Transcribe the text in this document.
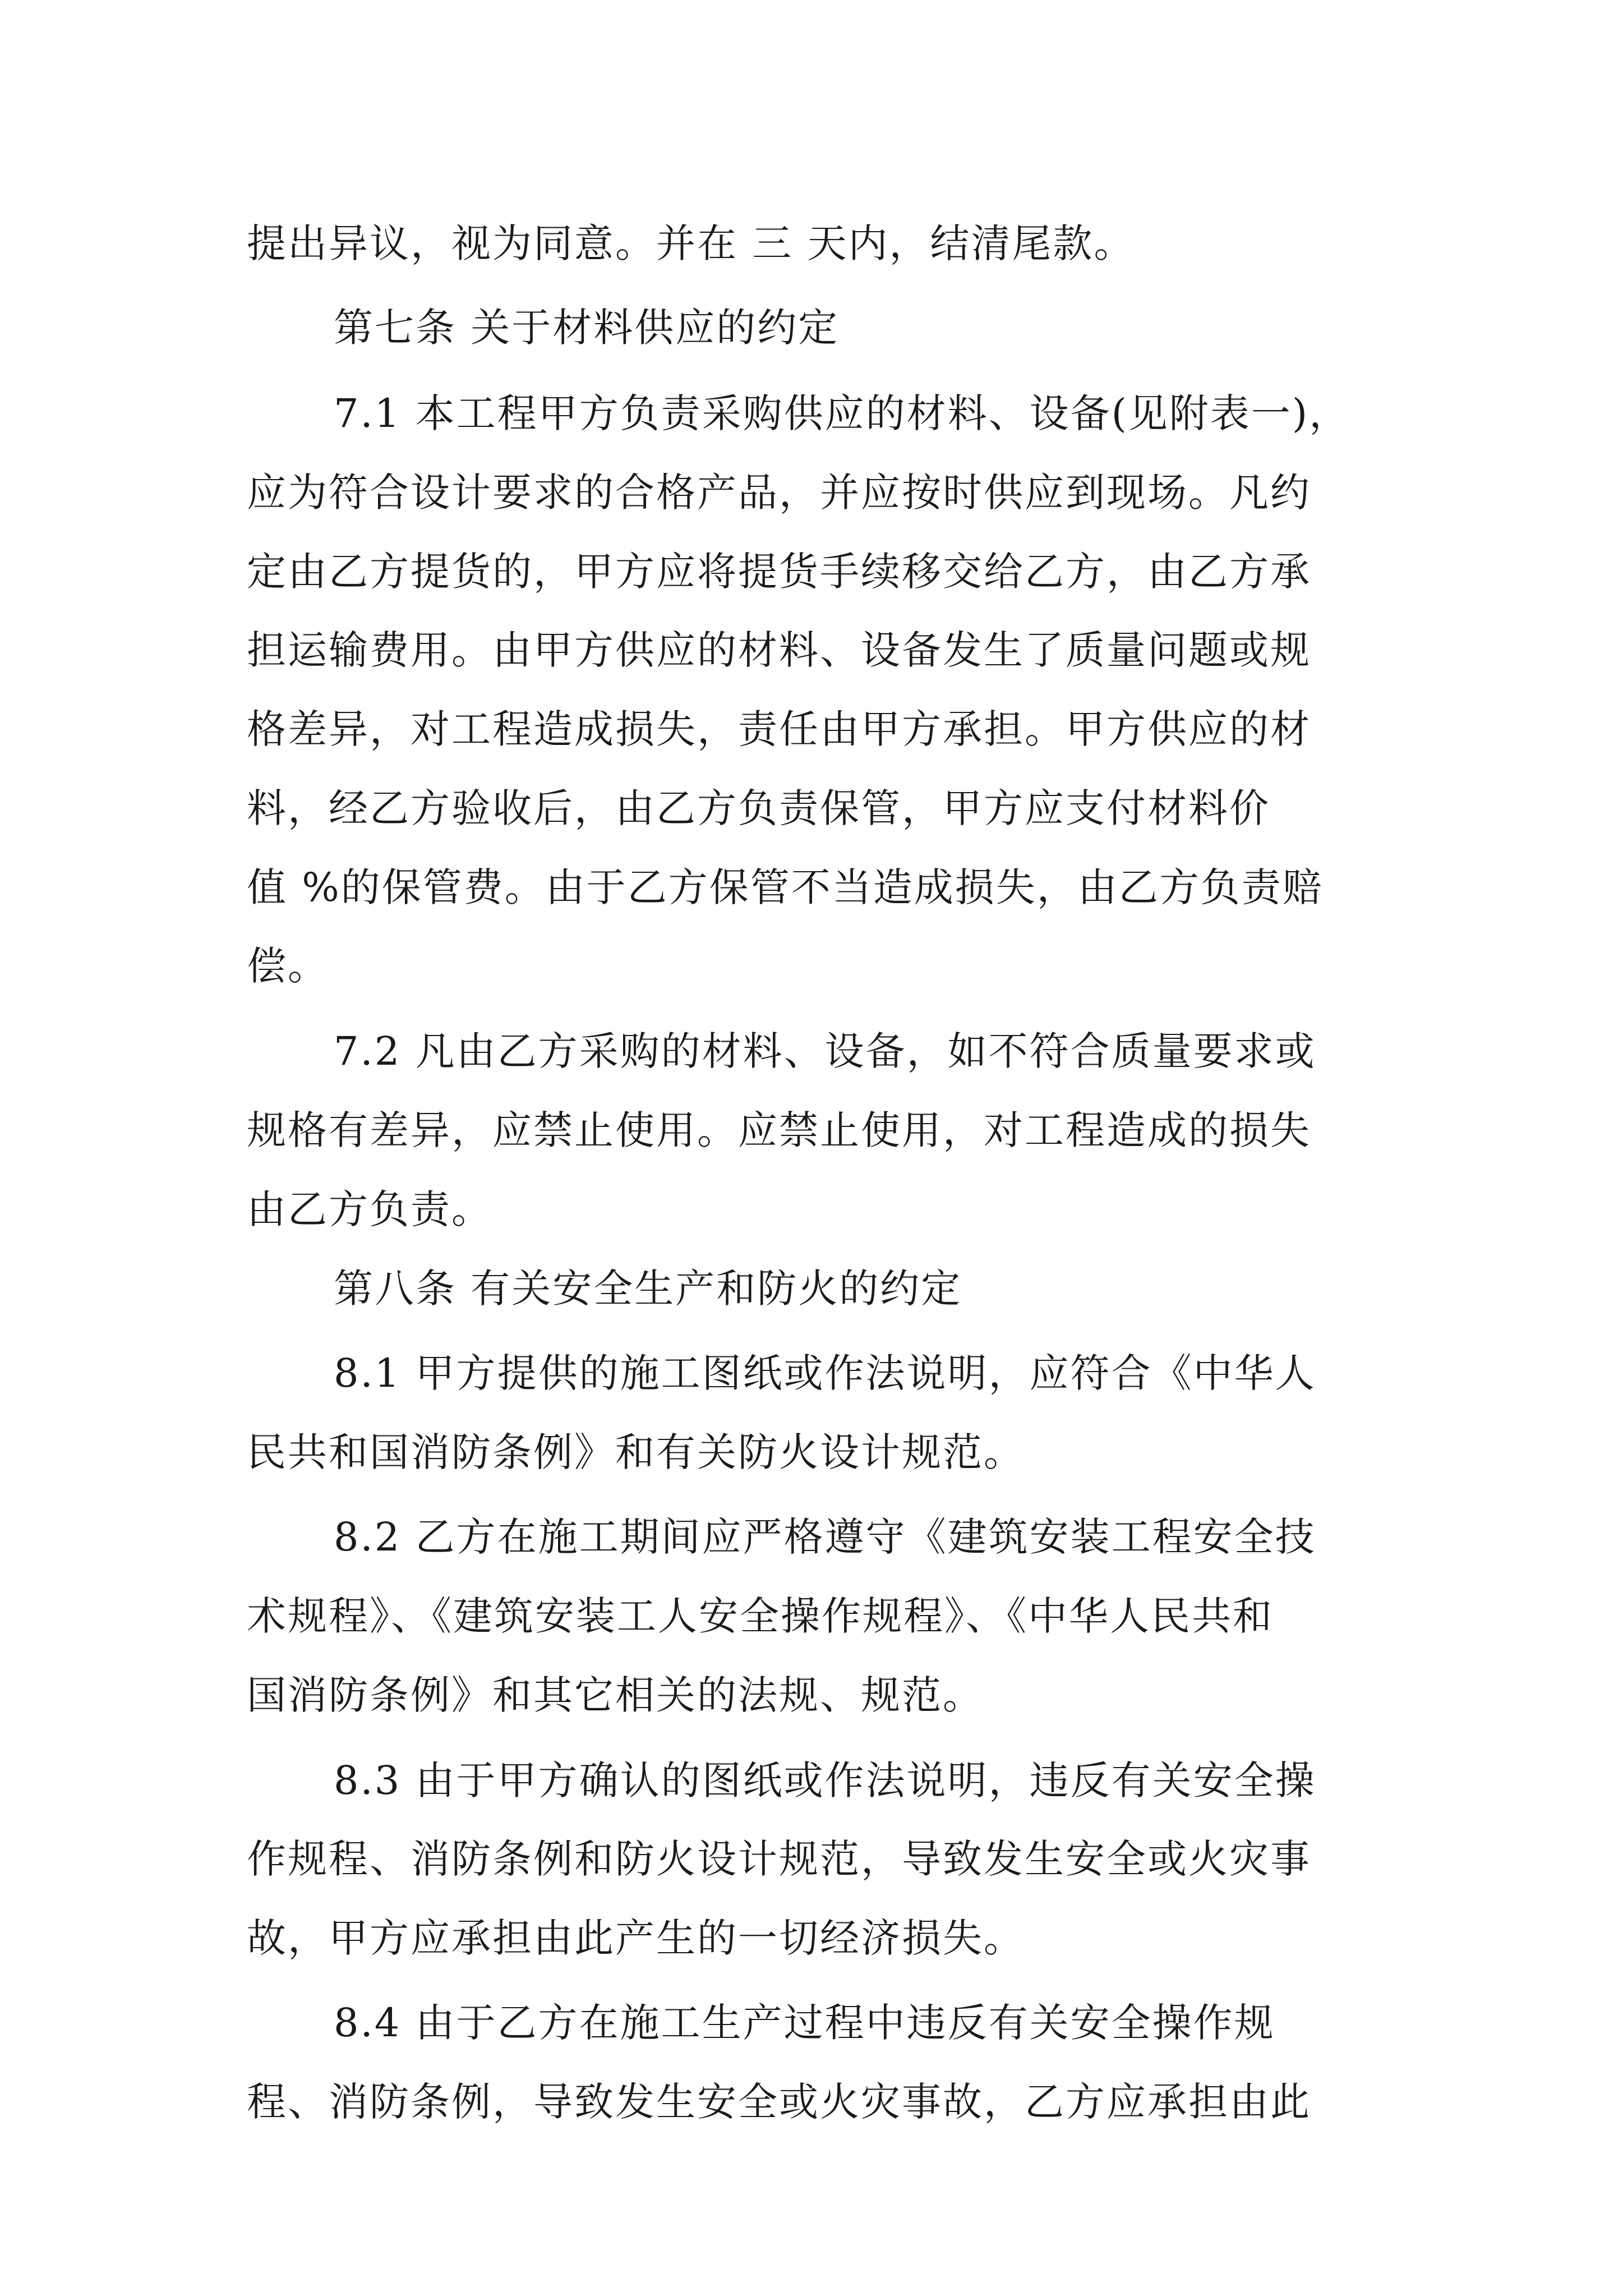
提出异议，视为同意。并在 三 天内，结清尾款。

第七条 关于材料供应的约定

7.1 本工程甲方负责采购供应的材料、设备(见附表一)，

应为符合设计要求的合格产品，并应按时供应到现场。凡约

定由乙方提货的，甲方应将提货手续移交给乙方，由乙方承

担运输费用。由甲方供应的材料、设备发生了质量问题或规

格差异，对工程造成损失，责任由甲方承担。甲方供应的材

料，经乙方验收后，由乙方负责保管，甲方应支付材料价

值 %的保管费。由于乙方保管不当造成损失，由乙方负责赔

偿。

7.2 凡由乙方采购的材料、设备，如不符合质量要求或

规格有差异，应禁止使用。应禁止使用，对工程造成的损失

由乙方负责。

第八条 有关安全生产和防火的约定

8.1 甲方提供的施工图纸或作法说明，应符合《中华人

民共和国消防条例》和有关防火设计规范。

8.2 乙方在施工期间应严格遵守《建筑安装工程安全技

术规程》、《建筑安装工人安全操作规程》、《中华人民共和

国消防条例》和其它相关的法规、规范。

8.3 由于甲方确认的图纸或作法说明，违反有关安全操

作规程、消防条例和防火设计规范，导致发生安全或火灾事

故，甲方应承担由此产生的一切经济损失。

8.4 由于乙方在施工生产过程中违反有关安全操作规

程、消防条例，导致发生安全或火灾事故，乙方应承担由此
